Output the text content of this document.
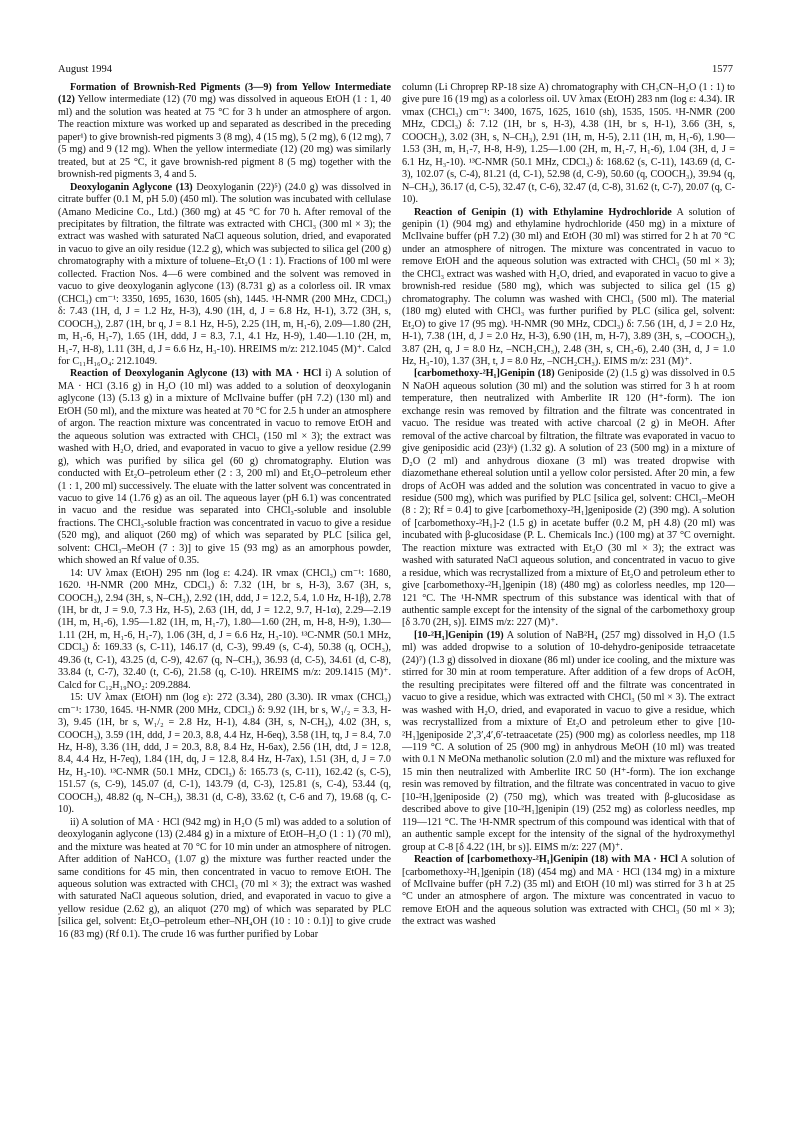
August 1994	1577

Formation of Brownish-Red Pigments (3—9) from Yellow Intermediate (12) Yellow intermediate (12) (70 mg) was dissolved in aqueous EtOH (1 : 1, 40 ml) and the solution was heated at 75 °C for 3 h under an atmosphere of argon. The reaction mixture was worked up and separated as described in the preceding paper¹) to give brownish-red pigments 3 (8 mg), 4 (15 mg), 5 (2 mg), 6 (12 mg), 7 (5 mg) and 9 (12 mg). When the yellow intermediate (12) (20 mg) was similarly treated, but at 25 °C, it gave brownish-red pigment 8 (5 mg) together with the brownish-red pigments 3, 4 and 5.

Deoxyloganin Aglycone (13) Deoxyloganin (22)⁵) (24.0 g) was dissolved in citrate buffer (0.1 M, pH 5.0) (450 ml). The solution was incubated with cellulase (Amano Medicine Co., Ltd.) (360 mg) at 45 °C for 70 h. After removal of the precipitates by filtration, the filtrate was extracted with CHCl₃ (300 ml × 3); the extract was washed with saturated NaCl aqueous solution, dried, and evaporated in vacuo to give an oily residue (12.2 g), which was subjected to silica gel (200 g) chromatography with a mixture of toluene–Et₂O (1 : 1). Fractions of 100 ml were collected. Fraction Nos. 4—6 were combined and the solvent was removed in vacuo to give deoxyloganin aglycone (13) (8.731 g) as a colorless oil. IR νmax (CHCl₃) cm⁻¹: 3350, 1695, 1630, 1605 (sh), 1445. ¹H-NMR (200 MHz, CDCl₃) δ: 7.43 (1H, d, J = 1.2 Hz, H-3), 4.90 (1H, d, J = 6.8 Hz, H-1), 3.72 (3H, s, COOCH₃), 2.87 (1H, br q, J = 8.1 Hz, H-5), 2.25 (1H, m, H₁-6), 2.09—1.80 (2H, m, H₁-6, H₁-7), 1.65 (1H, ddd, J = 8.3, 7.1, 4.1 Hz, H-9), 1.40—1.10 (2H, m, H₁-7, H-8), 1.11 (3H, d, J = 6.6 Hz, H₃-10). HREIMS m/z: 212.1045 (M)⁺. Calcd for C₁₁H₁₆O₄: 212.1049.

Reaction of Deoxyloganin Aglycone (13) with MA · HCl i) A solution of MA · HCl (3.16 g) in H₂O (10 ml) was added to a solution of deoxyloganin aglycone (13) (5.13 g) in a mixture of McIlvaine buffer (pH 7.2) (130 ml) and EtOH (50 ml), and the mixture was heated at 70 °C for 2.5 h under an atmosphere of argon. The reaction mixture was concentrated in vacuo to remove EtOH and the aqueous solution was extracted with CHCl₃ (150 ml × 3); the extract was washed with H₂O, dried, and evaporated in vacuo to give a yellow residue (2.99 g), which was purified by silica gel (60 g) chromatography. Elution was conducted with Et₂O–petroleum ether (2 : 3, 200 ml) and Et₂O–petroleum ether (1 : 1, 200 ml) successively. The eluate with the latter solvent was concentrated in vacuo to give 14 (1.76 g) as an oil. The aqueous layer (pH 6.1) was concentrated in vacuo and the residue was separated into CHCl₃-soluble and insoluble fractions. The CHCl₃-soluble fraction was concentrated in vacuo to give a residue (520 mg), and aliquot (260 mg) of which was separated by PLC [silica gel, solvent: CHCl₃–MeOH (7 : 3)] to give 15 (93 mg) as an amorphous powder, which showed an Rf value of 0.35.

14: UV λmax (EtOH) 295 nm (log ε: 4.24). IR νmax (CHCl₃) cm⁻¹: 1680, 1620. ¹H-NMR (200 MHz, CDCl₃) δ: 7.32 (1H, br s, H-3), 3.67 (3H, s, COOCH₃), 2.94 (3H, s, N–CH₃), 2.92 (1H, ddd, J = 12.2, 5.4, 1.0 Hz, H-1β), 2.78 (1H, br dt, J = 9.0, 7.3 Hz, H-5), 2.63 (1H, dd, J = 12.2, 9.7, H-1α), 2.29—2.19 (1H, m, H₁-6), 1.95—1.82 (1H, m, H₁-7), 1.80—1.60 (2H, m, H-8, H-9), 1.30—1.11 (2H, m, H₁-6, H₁-7), 1.06 (3H, d, J = 6.6 Hz, H₃-10). ¹³C-NMR (50.1 MHz, CDCl₃) δ: 169.33 (s, C-11), 146.17 (d, C-3), 99.49 (s, C-4), 50.38 (q, OCH₃), 49.36 (t, C-1), 43.25 (d, C-9), 42.67 (q, N–CH₃), 36.93 (d, C-5), 34.61 (d, C-8), 33.84 (t, C-7), 32.40 (t, C-6), 21.58 (q, C-10). HREIMS m/z: 209.1415 (M)⁺. Calcd for C₁₂H₁₉NO₂: 209.2884.

15: UV λmax (EtOH) nm (log ε): 272 (3.34), 280 (3.30). IR νmax (CHCl₃) cm⁻¹: 1730, 1645. ¹H-NMR (200 MHz, CDCl₃) δ: 9.92 (1H, br s, W₁/₂ = 3.3, H-3), 9.45 (1H, br s, W₁/₂ = 2.8 Hz, H-1), 4.84 (3H, s, N-CH₃), 4.02 (3H, s, COOCH₃), 3.59 (1H, ddd, J = 20.3, 8.8, 4.4 Hz, H-6eq), 3.58 (1H, tq, J = 8.4, 7.0 Hz, H-8), 3.36 (1H, ddd, J = 20.3, 8.8, 8.4 Hz, H-6ax), 2.56 (1H, dtd, J = 12.8, 8.4, 4.4 Hz, H-7eq), 1.84 (1H, dq, J = 12.8, 8.4 Hz, H-7ax), 1.51 (3H, d, J = 7.0 Hz, H₃-10). ¹³C-NMR (50.1 MHz, CDCl₃) δ: 165.73 (s, C-11), 162.42 (s, C-5), 151.57 (s, C-9), 145.07 (d, C-1), 143.79 (d, C-3), 125.81 (s, C-4), 53.44 (q, COOCH₃), 48.82 (q, N–CH₃), 38.31 (d, C-8), 33.62 (t, C-6 and 7), 19.68 (q, C-10).

ii) A solution of MA · HCl (942 mg) in H₂O (5 ml) was added to a solution of deoxyloganin aglycone (13) (2.484 g) in a mixture of EtOH–H₂O (1 : 1) (70 ml), and the mixture was heated at 70 °C for 10 min under an atmosphere of nitrogen. After addition of NaHCO₃ (1.07 g) the mixture was further reacted under the same conditions for 45 min, then concentrated in vacuo to remove EtOH. The aqueous solution was extracted with CHCl₃ (70 ml × 3); the extract was washed with saturated NaCl aqueous solution, dried, and evaporated in vacuo to give a yellow residue (2.62 g), an aliquot (270 mg) of which was separated by PLC [silica gel, solvent: Et₂O–petroleum ether–NH₄OH (10 : 10 : 0.1)] to give crude 16 (83 mg) (Rf 0.1). The crude 16 was further purified by Lobar

column (Li Chroprep RP-18 size A) chromatography with CH₃CN–H₂O (1 : 1) to give pure 16 (19 mg) as a colorless oil. UV λmax (EtOH) 283 nm (log ε: 4.34). IR νmax (CHCl₃) cm⁻¹: 3400, 1675, 1625, 1610 (sh), 1535, 1505. ¹H-NMR (200 MHz, CDCl₃) δ: 7.12 (1H, br s, H-3), 4.38 (1H, br s, H-1), 3.66 (3H, s, COOCH₃), 3.02 (3H, s, N–CH₃), 2.91 (1H, m, H-5), 2.11 (1H, m, H₁-6), 1.90—1.53 (3H, m, H₁-7, H-8, H-9), 1.25—1.00 (2H, m, H₁-7, H₁-6), 1.04 (3H, d, J = 6.1 Hz, H₃-10). ¹³C-NMR (50.1 MHz, CDCl₃) δ: 168.62 (s, C-11), 143.69 (d, C-3), 102.07 (s, C-4), 81.21 (d, C-1), 52.98 (d, C-9), 50.60 (q, COOCH₃), 39.94 (q, N–CH₃), 36.17 (d, C-5), 32.47 (t, C-6), 32.47 (d, C-8), 31.62 (t, C-7), 20.07 (q, C-10).

Reaction of Genipin (1) with Ethylamine Hydrochloride A solution of genipin (1) (904 mg) and ethylamine hydrochloride (450 mg) in a mixture of McIlvaine buffer (pH 7.2) (30 ml) and EtOH (30 ml) was stirred for 2 h at 70 °C under an atmosphere of nitrogen. The mixture was concentrated in vacuo to remove EtOH and the aqueous solution was extracted with CHCl₃ (50 ml × 3); the CHCl₃ extract was washed with H₂O, dried, and evaporated in vacuo to give a brownish-red residue (580 mg), which was subjected to silica gel (15 g) chromatography. The column was washed with CHCl₃ (500 ml). The material (180 mg) eluted with CHCl₃ was further purified by PLC (silica gel, solvent: Et₂O) to give 17 (95 mg). ¹H-NMR (90 MHz, CDCl₃) δ: 7.56 (1H, d, J = 2.0 Hz, H-1), 7.38 (1H, d, J = 2.0 Hz, H-3), 6.90 (1H, m, H-7), 3.89 (3H, s, –COOCH₃), 3.87 (2H, q, J = 8.0 Hz, –NCH₂CH₃), 2.48 (3H, s, CH₃-6), 2.40 (3H, d, J = 1.0 Hz, H₃-10), 1.37 (3H, t, J = 8.0 Hz, –NCH₂CH₃). EIMS m/z: 231 (M)⁺.

[carbomethoxy-²H₁]Genipin (18) Geniposide (2) (1.5 g) was dissolved in 0.5 N NaOH aqueous solution (30 ml) and the solution was stirred for 3 h at room temperature, then neutralized with Amberlite IR 120 (H⁺-form). The ion exchange resin was removed by filtration and the filtrate was concentrated in vacuo. The residue was treated with active charcoal (2 g) in MeOH. After removal of the active charcoal by filtration, the filtrate was evaporated in vacuo to give geniposidic acid (23)⁶) (1.32 g). A solution of 23 (500 mg) in a mixture of D₂O (2 ml) and anhydrous dioxane (3 ml) was treated dropwise with diazomethane ethereal solution until a yellow color persisted. After 20 min, a few drops of AcOH was added and the solution was concentrated in vacuo to give a residue (500 mg), which was purified by PLC [silica gel, solvent: CHCl₃–MeOH (8 : 2); Rf = 0.4] to give [carbomethoxy-²H₁]geniposide (2) (390 mg). A solution of [carbomethoxy-²H₁]-2 (1.5 g) in acetate buffer (0.2 M, pH 4.8) (20 ml) was incubated with β-glucosidase (P. L. Chemicals Inc.) (100 mg) at 37 °C overnight. The reaction mixture was extracted with Et₂O (30 ml × 3); the extract was washed with saturated NaCl aqueous solution, and concentrated in vacuo to give a residue, which was recrystallized from a mixture of Et₂O and petroleum ether to give [carbomethoxy-²H₁]genipin (18) (480 mg) as colorless needles, mp 120—121 °C. The ¹H-NMR spectrum of this substance was identical with that of authentic sample except for the intensity of the signal of the carbomethoxy group [δ 3.70 (2H, s)]. EIMS m/z: 227 (M)⁺.

[10-²H₁]Genipin (19) A solution of NaB²H₄ (257 mg) dissolved in H₂O (1.5 ml) was added dropwise to a solution of 10-dehydro-geniposide tetraacetate (24)⁷) (1.3 g) dissolved in dioxane (86 ml) under ice cooling, and the mixture was stirred for 30 min at room temperature. After addition of a few drops of AcOH, the resulting precipitates were filtered off and the filtrate was concentrated in vacuo to give a residue, which was extracted with CHCl₃ (50 ml × 3). The extract was washed with H₂O, dried, and evaporated in vacuo to give a residue, which was recrystallized from a mixture of Et₂O and petroleum ether to give [10-²H₁]geniposide 2′,3′,4′,6′-tetraacetate (25) (900 mg) as colorless needles, mp 118—119 °C. A solution of 25 (900 mg) in anhydrous MeOH (10 ml) was treated with 0.1 N MeONa methanolic solution (2.0 ml) and the mixture was refluxed for 15 min then neutralized with Amberlite IRC 50 (H⁺-form). The ion exchange resin was removed by filtration, and the filtrate was concentrated in vacuo to give [10-²H₁]geniposide (2) (750 mg), which was treated with β-glucosidase as described above to give [10-²H₁]genipin (19) (252 mg) as colorless needles, mp 119—121 °C. The ¹H-NMR spectrum of this compound was identical with that of an authentic sample except for the intensity of the signal of the hydroxymethyl group at C-8 [δ 4.22 (1H, br s)]. EIMS m/z: 227 (M)⁺.

Reaction of [carbomethoxy-²H₁]Genipin (18) with MA · HCl A solution of [carbomethoxy-²H₁]genipin (18) (454 mg) and MA · HCl (134 mg) in a mixture of McIlvaine buffer (pH 7.2) (35 ml) and EtOH (10 ml) was stirred for 3 h at 25 °C under an atmosphere of argon. The mixture was concentrated in vacuo to remove EtOH and the aqueous solution was extracted with CHCl₃ (50 ml × 3); the extract was washed
